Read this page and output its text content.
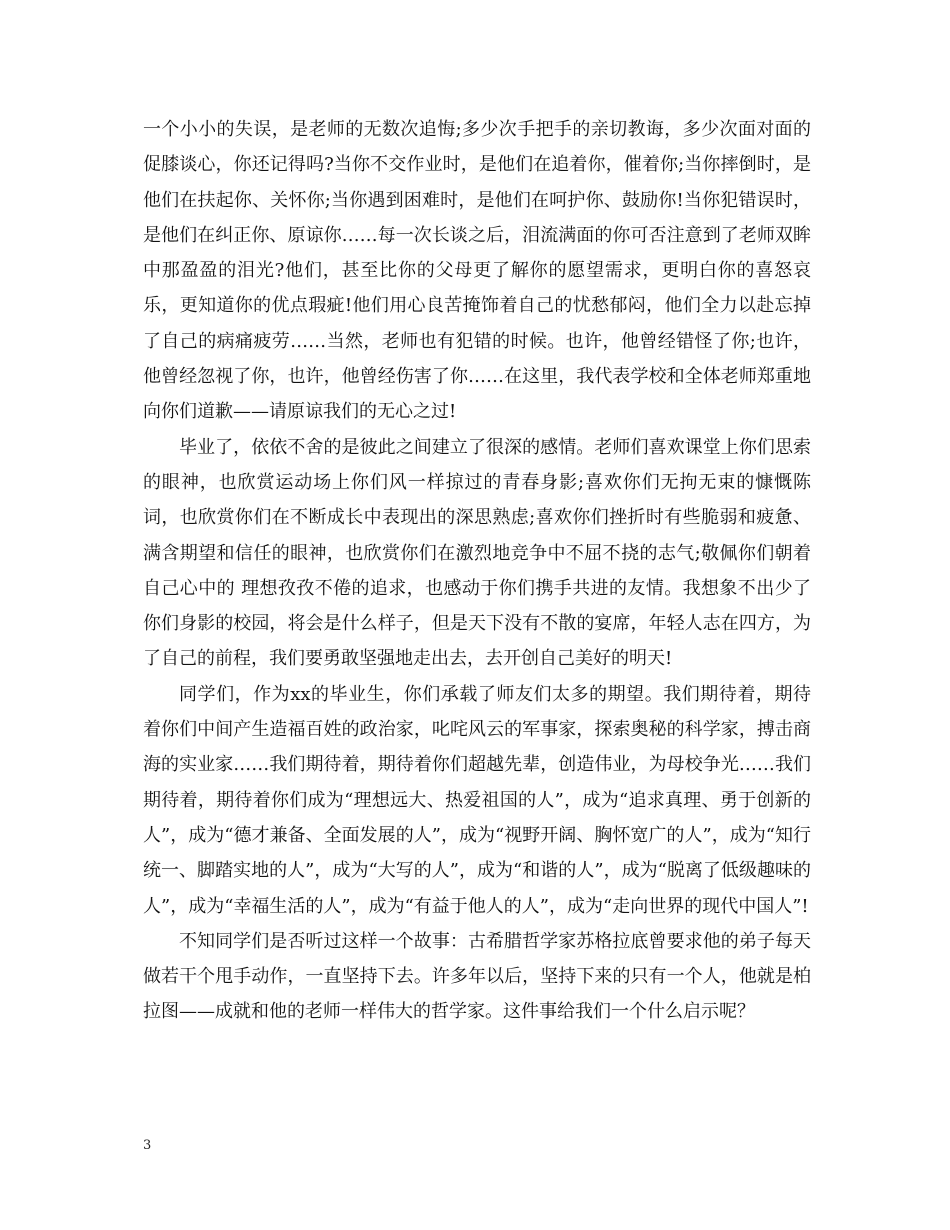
一个小小的失误，是老师的无数次追悔;多少次手把手的亲切教诲，多少次面对面的促膝谈心，你还记得吗?当你不交作业时，是他们在追着你，催着你;当你摔倒时，是他们在扶起你、关怀你;当你遇到困难时，是他们在呵护你、鼓励你!当你犯错误时，是他们在纠正你、原谅你……每一次长谈之后，泪流满面的你可否注意到了老师双眸中那盈盈的泪光?他们，甚至比你的父母更了解你的愿望需求，更明白你的喜怒哀乐，更知道你的优点瑕疵!他们用心良苦掩饰着自己的忧愁郁闷，他们全力以赴忘掉了自己的病痛疲劳……当然，老师也有犯错的时候。也许，他曾经错怪了你;也许，他曾经忽视了你，也许，他曾经伤害了你……在这里，我代表学校和全体老师郑重地向你们道歉——请原谅我们的无心之过!

毕业了，依依不舍的是彼此之间建立了很深的感情。老师们喜欢课堂上你们思索的眼神，也欣赏运动场上你们风一样掠过的青春身影;喜欢你们无拘无束的慷慨陈词，也欣赏你们在不断成长中表现出的深思熟虑;喜欢你们挫折时有些脆弱和疲惫、满含期望和信任的眼神，也欣赏你们在激烈地竞争中不屈不挠的志气;敬佩你们朝着自己心中的 理想孜孜不倦的追求，也感动于你们携手共进的友情。我想象不出少了你们身影的校园，将会是什么样子，但是天下没有不散的宴席，年轻人志在四方，为了自己的前程，我们要勇敢坚强地走出去，去开创自己美好的明天!

同学们，作为xx的毕业生，你们承载了师友们太多的期望。我们期待着，期待着你们中间产生造福百姓的政治家，叱咤风云的军事家，探索奥秘的科学家，搏击商海的实业家……我们期待着，期待着你们超越先辈，创造伟业，为母校争光……我们期待着，期待着你们成为“理想远大、热爱祖国的人”，成为“追求真理、勇于创新的人”，成为“德才兼备、全面发展的人”，成为“视野开阔、胸怀宽广的人”，成为“知行统一、脚踏实地的人”，成为“大写的人”，成为“和谐的人”，成为“脱离了低级趣味的人”，成为“幸福生活的人”，成为“有益于他人的人”，成为“走向世界的现代中国人”!

不知同学们是否听过这样一个故事：古希腊哲学家苏格拉底曾要求他的弟子每天做若干个甩手动作，一直坚持下去。许多年以后，坚持下来的只有一个人，他就是柏拉图——成就和他的老师一样伟大的哲学家。这件事给我们一个什么启示呢？

3
